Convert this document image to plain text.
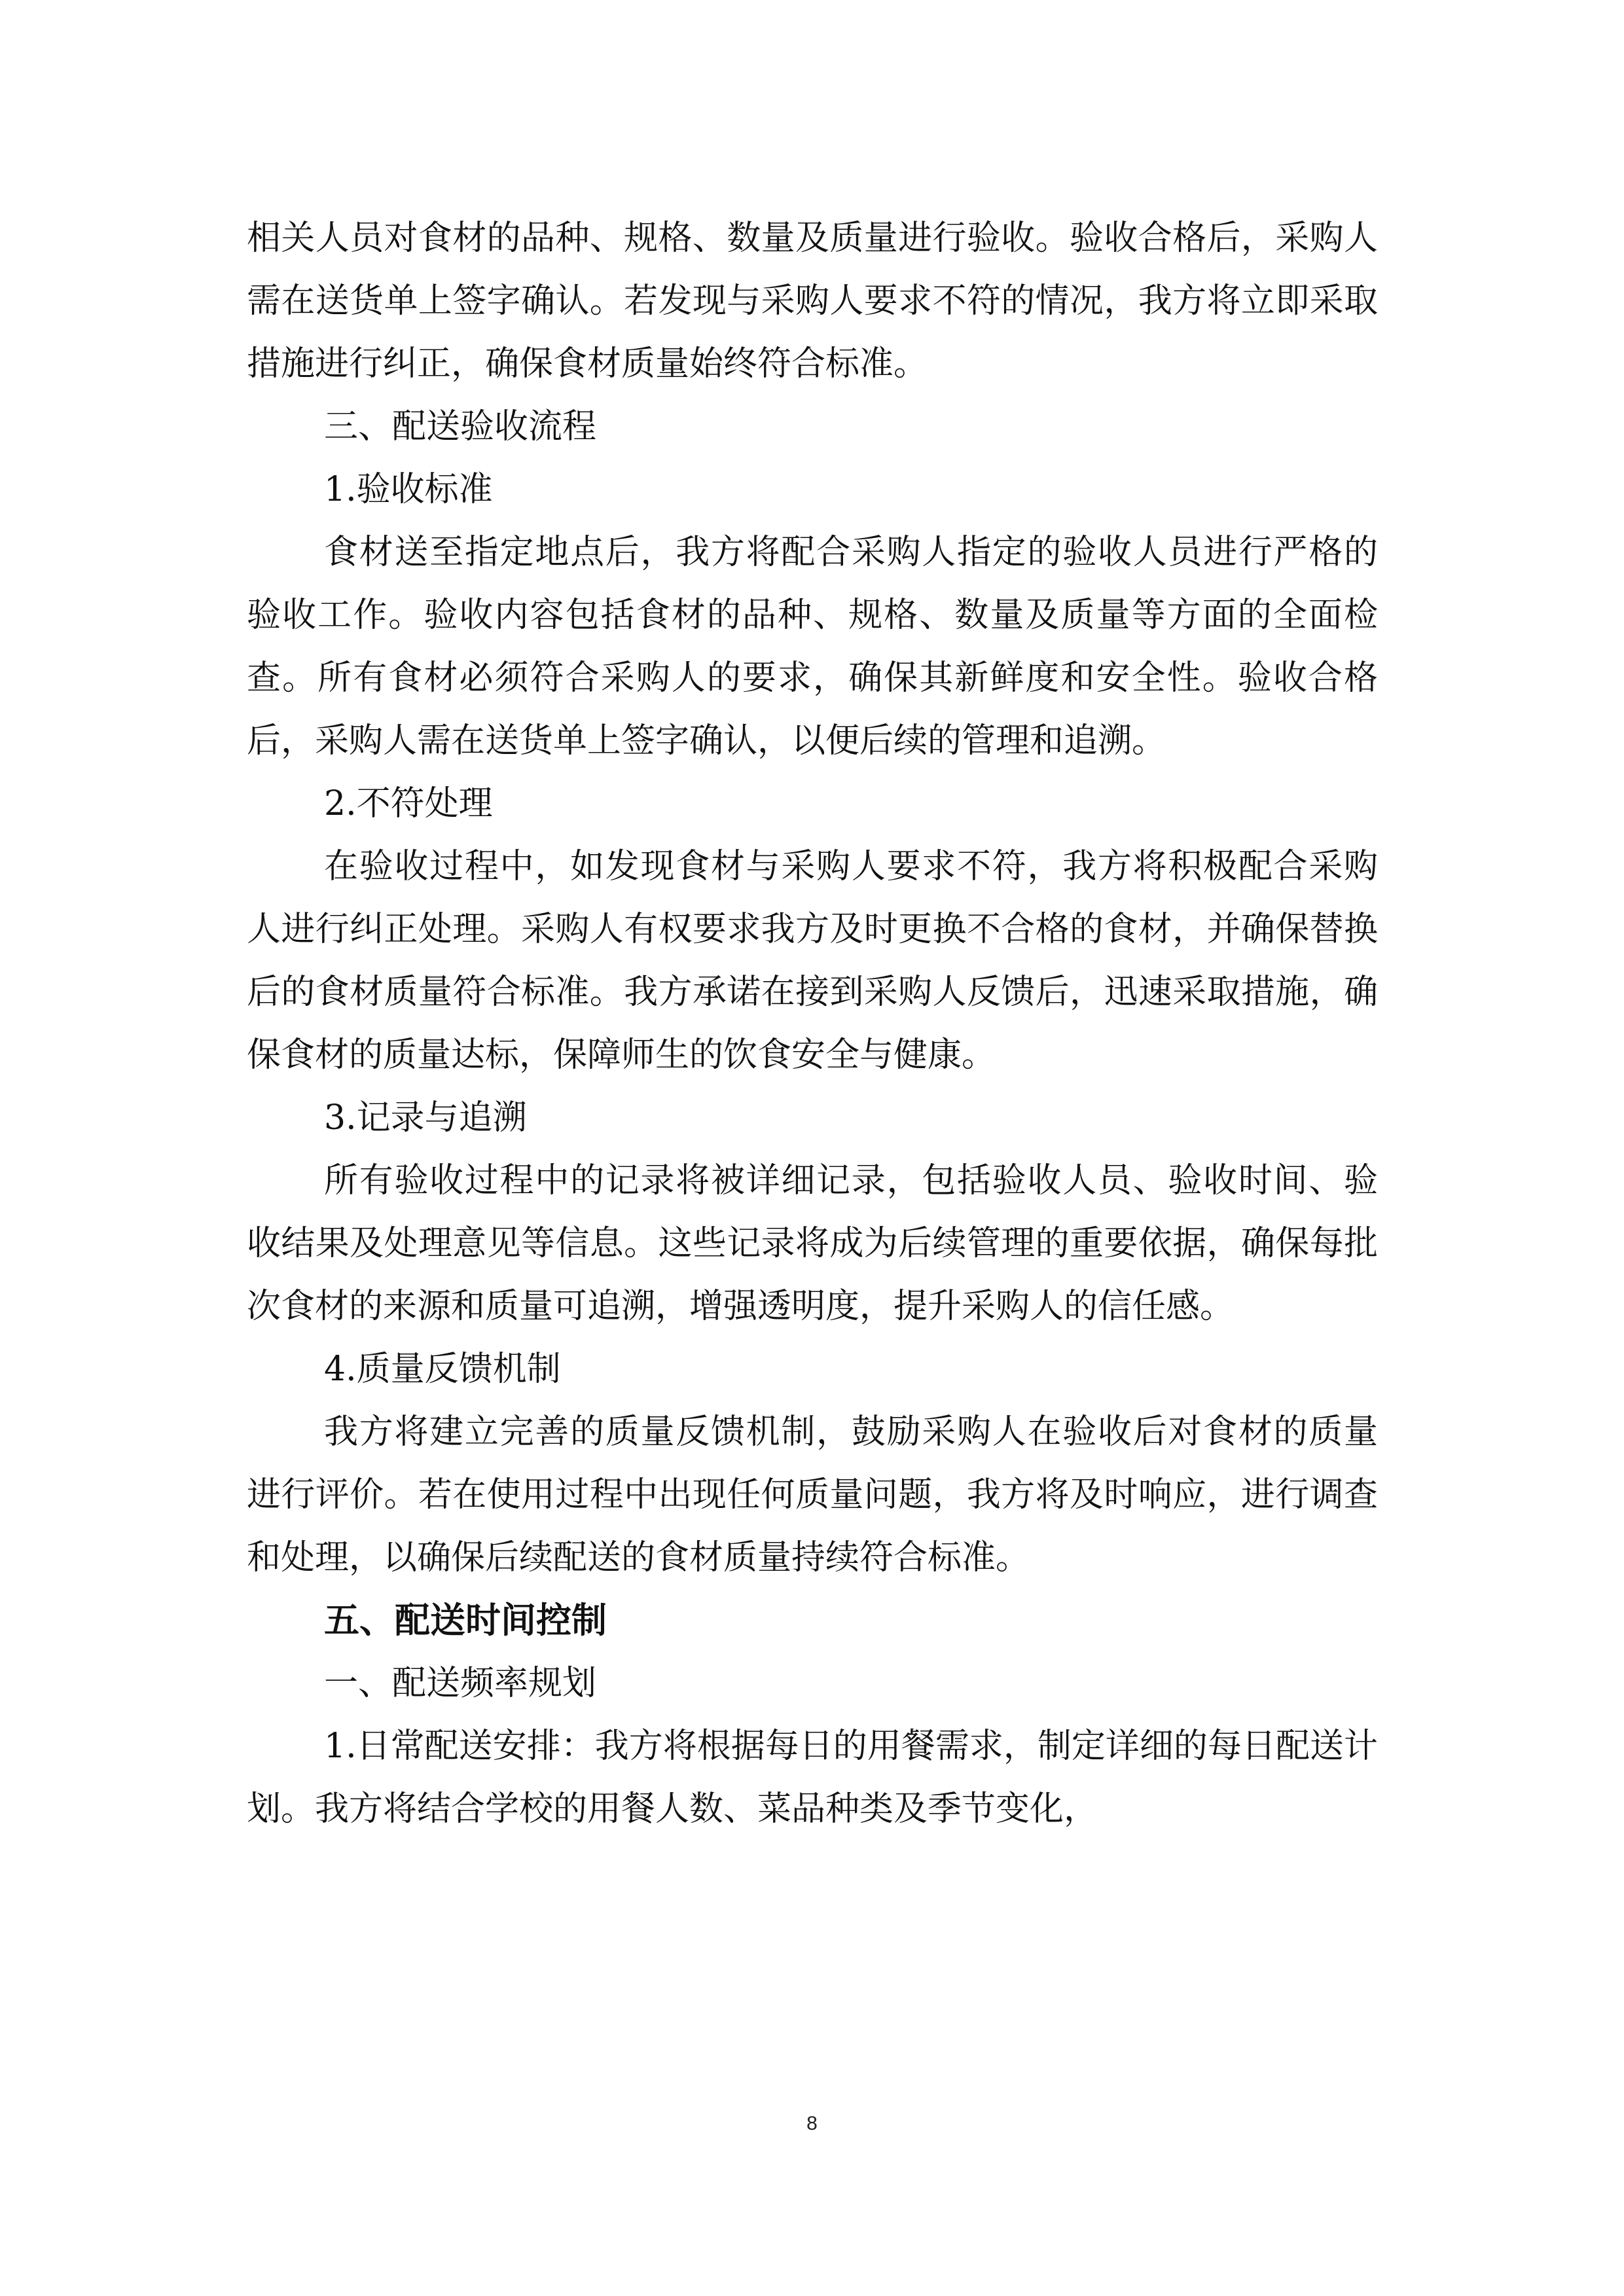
相关人员对食材的品种、规格、数量及质量进行验收。验收合格后，采购人需在送货单上签字确认。若发现与采购人要求不符的情况，我方将立即采取措施进行纠正，确保食材质量始终符合标准。

三、配送验收流程

1.验收标准

食材送至指定地点后，我方将配合采购人指定的验收人员进行严格的验收工作。验收内容包括食材的品种、规格、数量及质量等方面的全面检查。所有食材必须符合采购人的要求，确保其新鲜度和安全性。验收合格后，采购人需在送货单上签字确认，以便后续的管理和追溯。

2.不符处理

在验收过程中，如发现食材与采购人要求不符，我方将积极配合采购人进行纠正处理。采购人有权要求我方及时更换不合格的食材，并确保替换后的食材质量符合标准。我方承诺在接到采购人反馈后，迅速采取措施，确保食材的质量达标，保障师生的饮食安全与健康。

3.记录与追溯

所有验收过程中的记录将被详细记录，包括验收人员、验收时间、验收结果及处理意见等信息。这些记录将成为后续管理的重要依据，确保每批次食材的来源和质量可追溯，增强透明度，提升采购人的信任感。

4.质量反馈机制

我方将建立完善的质量反馈机制，鼓励采购人在验收后对食材的质量进行评价。若在使用过程中出现任何质量问题，我方将及时响应，进行调查和处理，以确保后续配送的食材质量持续符合标准。

五、配送时间控制

一、配送频率规划

1.日常配送安排：我方将根据每日的用餐需求，制定详细的每日配送计划。我方将结合学校的用餐人数、菜品种类及季节变化，

8
